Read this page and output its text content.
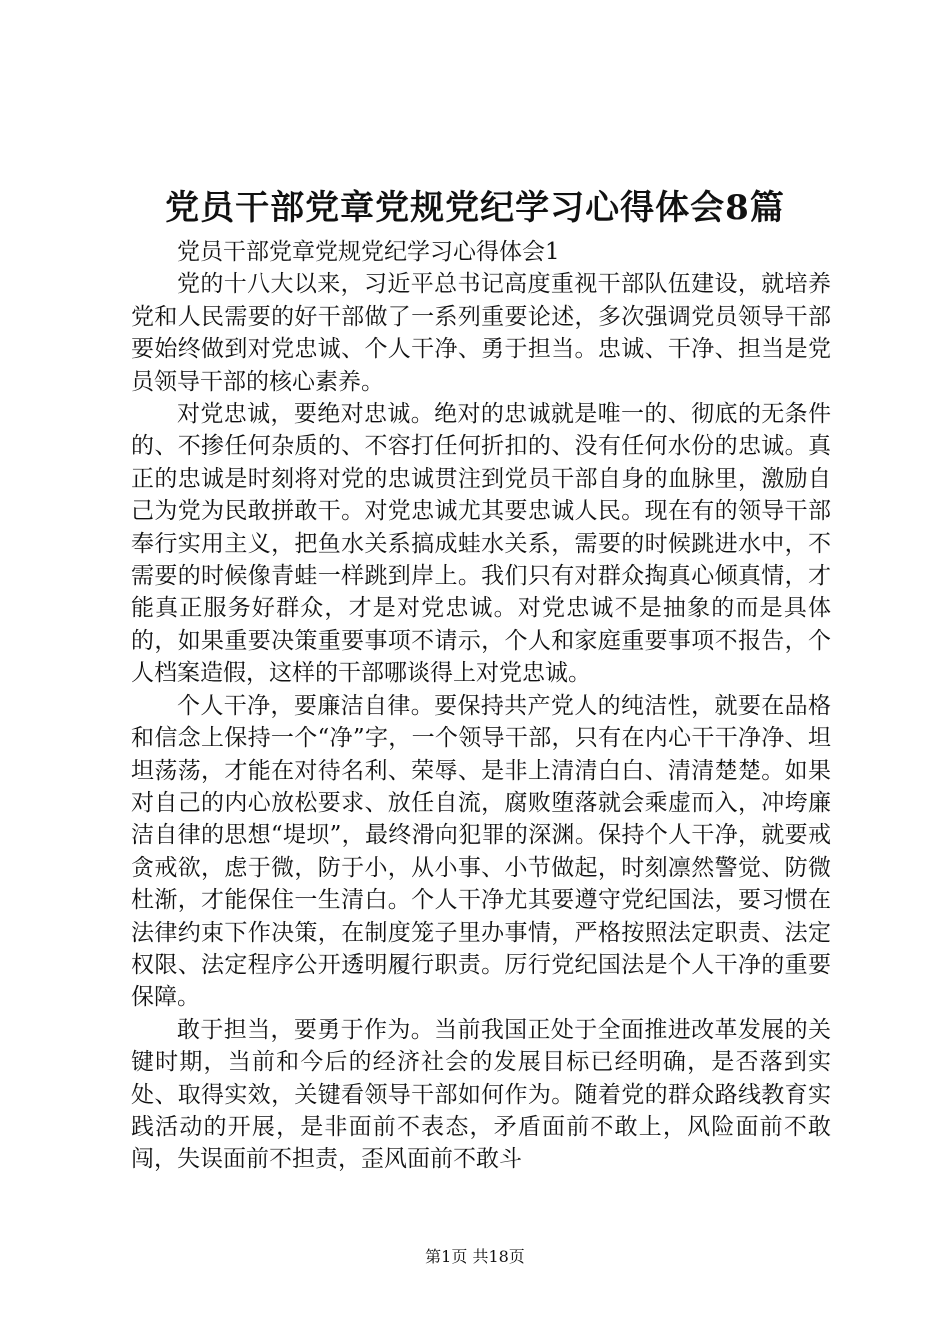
党员干部党章党规党纪学习心得体会8篇

党员干部党章党规党纪学习心得体会1

党的十八大以来，习近平总书记高度重视干部队伍建设，就培养党和人民需要的好干部做了一系列重要论述，多次强调党员领导干部要始终做到对党忠诚、个人干净、勇于担当。忠诚、干净、担当是党员领导干部的核心素养。

对党忠诚，要绝对忠诚。绝对的忠诚就是唯一的、彻底的无条件的、不掺任何杂质的、不容打任何折扣的、没有任何水份的忠诚。真正的忠诚是时刻将对党的忠诚贯注到党员干部自身的血脉里，激励自己为党为民敢拼敢干。对党忠诚尤其要忠诚人民。现在有的领导干部奉行实用主义，把鱼水关系搞成蛙水关系，需要的时候跳进水中，不需要的时候像青蛙一样跳到岸上。我们只有对群众掏真心倾真情，才能真正服务好群众，才是对党忠诚。对党忠诚不是抽象的而是具体的，如果重要决策重要事项不请示，个人和家庭重要事项不报告，个人档案造假，这样的干部哪谈得上对党忠诚。

个人干净，要廉洁自律。要保持共产党人的纯洁性，就要在品格和信念上保持一个“净”字，一个领导干部，只有在内心干干净净、坦坦荡荡，才能在对待名利、荣辱、是非上清清白白、清清楚楚。如果对自己的内心放松要求、放任自流，腐败堕落就会乘虚而入，冲垮廉洁自律的思想“堤坝”，最终滑向犯罪的深渊。保持个人干净，就要戒贪戒欲，虑于微，防于小，从小事、小节做起，时刻凛然警觉、防微杜渐，才能保住一生清白。个人干净尤其要遵守党纪国法，要习惯在法律约束下作决策，在制度笼子里办事情，严格按照法定职责、法定权限、法定程序公开透明履行职责。厉行党纪国法是个人干净的重要保障。

敢于担当，要勇于作为。当前我国正处于全面推进改革发展的关键时期，当前和今后的经济社会的发展目标已经明确，是否落到实处、取得实效，关键看领导干部如何作为。随着党的群众路线教育实践活动的开展，是非面前不表态，矛盾面前不敢上，风险面前不敢闯，失误面前不担责，歪风面前不敢斗

第1页 共18页
